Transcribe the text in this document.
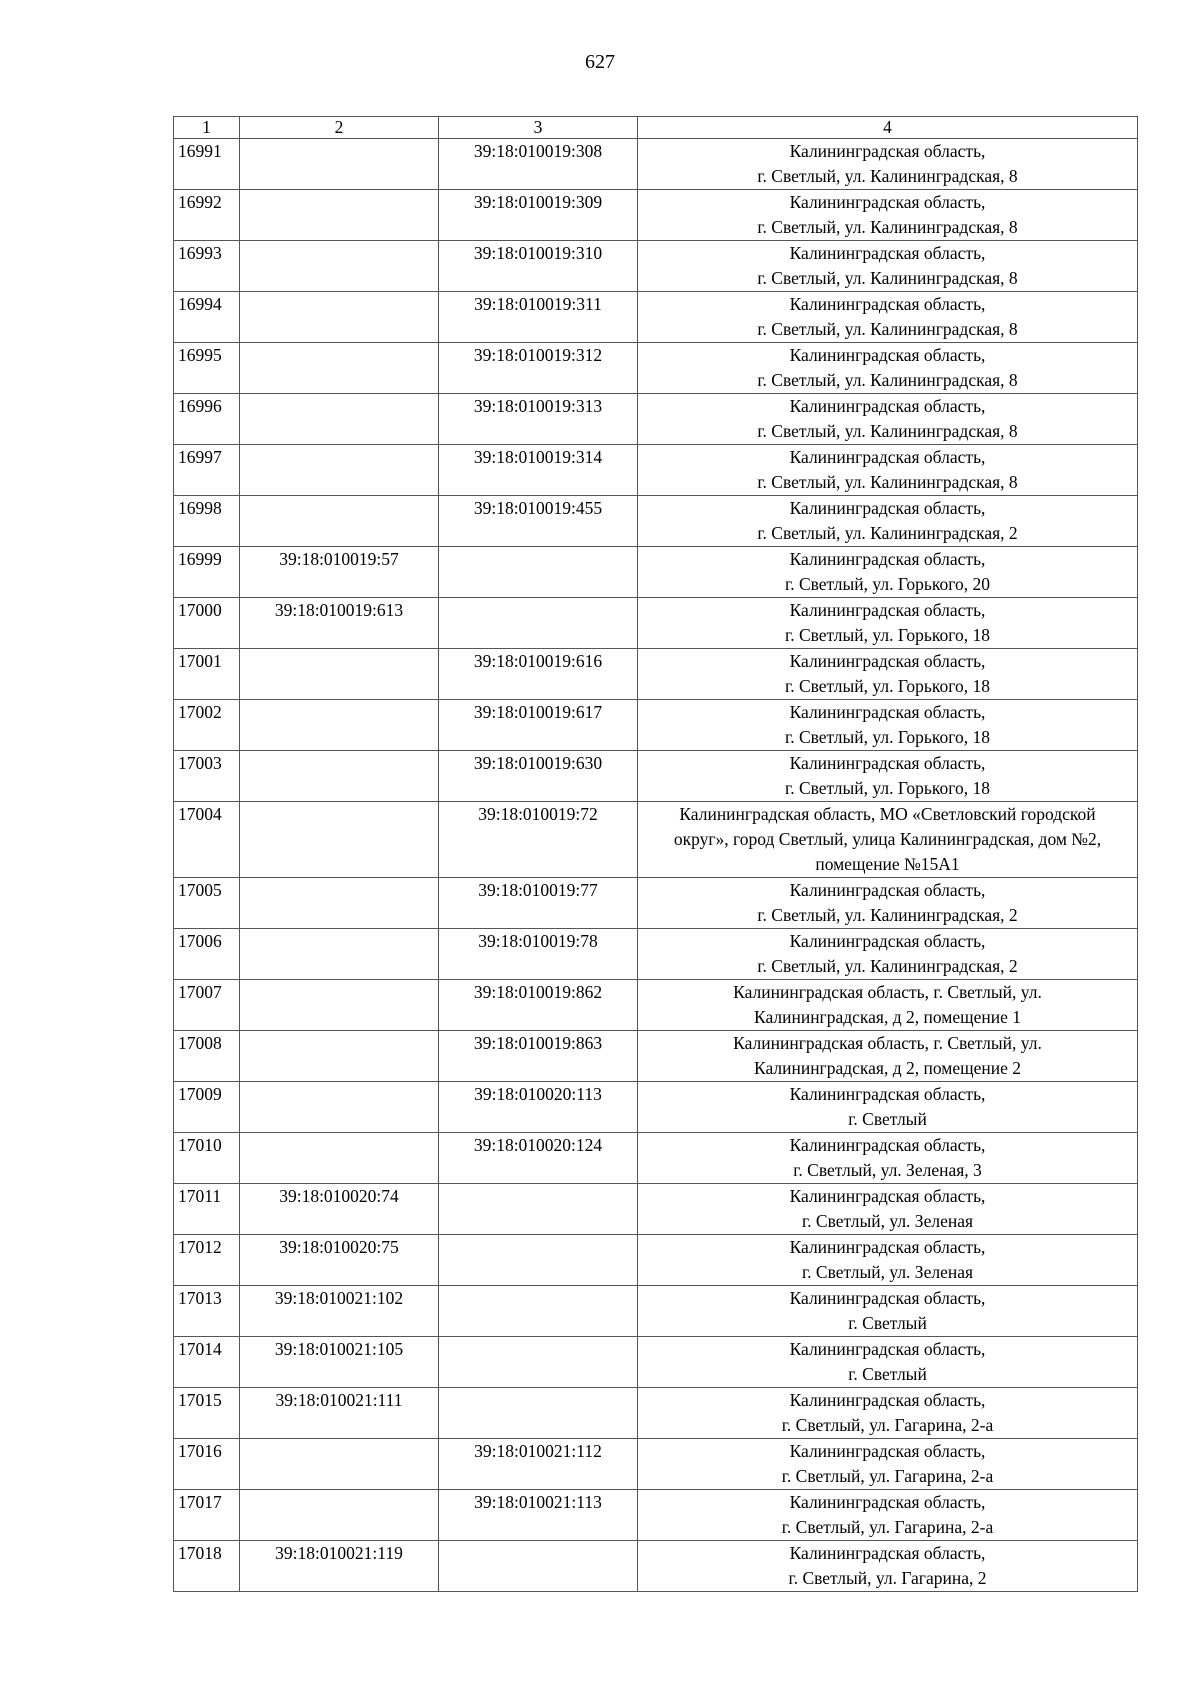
627
1	2	3	4
16991		39:18:010019:308	Калининградская область,
г. Светлый, ул. Калининградская, 8

16992		39:18:010019:309	Калининградская область,
г. Светлый, ул. Калининградская, 8

16993		39:18:010019:310	Калининградская область,
г. Светлый, ул. Калининградская, 8

16994		39:18:010019:311	Калининградская область,
г. Светлый, ул. Калининградская, 8

16995		39:18:010019:312	Калининградская область,
г. Светлый, ул. Калининградская, 8

16996		39:18:010019:313	Калининградская область,
г. Светлый, ул. Калининградская, 8

16997		39:18:010019:314	Калининградская область,
г. Светлый, ул. Калининградская, 8

16998		39:18:010019:455	Калининградская область,
г. Светлый, ул. Калининградская, 2

16999	39:18:010019:57		Калининградская область,
г. Светлый, ул. Горького, 20

17000	39:18:010019:613		Калининградская область,
г. Светлый, ул. Горького, 18

17001		39:18:010019:616	Калининградская область,
г. Светлый, ул. Горького, 18

17002		39:18:010019:617	Калининградская область,
г. Светлый, ул. Горького, 18

17003		39:18:010019:630	Калининградская область,
г. Светлый, ул. Горького, 18

17004		39:18:010019:72	Калининградская область, МО «Светловский городской
округ», город Светлый, улица Калининградская, дом №2,
помещение №15А1

17005		39:18:010019:77	Калининградская область,
г. Светлый, ул. Калининградская, 2

17006		39:18:010019:78	Калининградская область,
г. Светлый, ул. Калининградская, 2

17007		39:18:010019:862	Калининградская область, г. Светлый, ул.
Калининградская, д 2, помещение 1

17008		39:18:010019:863	Калининградская область, г. Светлый, ул.
Калининградская, д 2, помещение 2

17009		39:18:010020:113	Калининградская область,
г. Светлый

17010		39:18:010020:124	Калининградская область,
г. Светлый, ул. Зеленая, 3

17011	39:18:010020:74		Калининградская область,
г. Светлый, ул. Зеленая

17012	39:18:010020:75		Калининградская область,
г. Светлый, ул. Зеленая

17013	39:18:010021:102		Калининградская область,
г. Светлый

17014	39:18:010021:105		Калининградская область,
г. Светлый

17015	39:18:010021:111		Калининградская область,
г. Светлый, ул. Гагарина, 2-а

17016		39:18:010021:112	Калининградская область,
г. Светлый, ул. Гагарина, 2-а

17017		39:18:010021:113	Калининградская область,
г. Светлый, ул. Гагарина, 2-а

17018	39:18:010021:119		Калининградская область,
г. Светлый, ул. Гагарина, 2
